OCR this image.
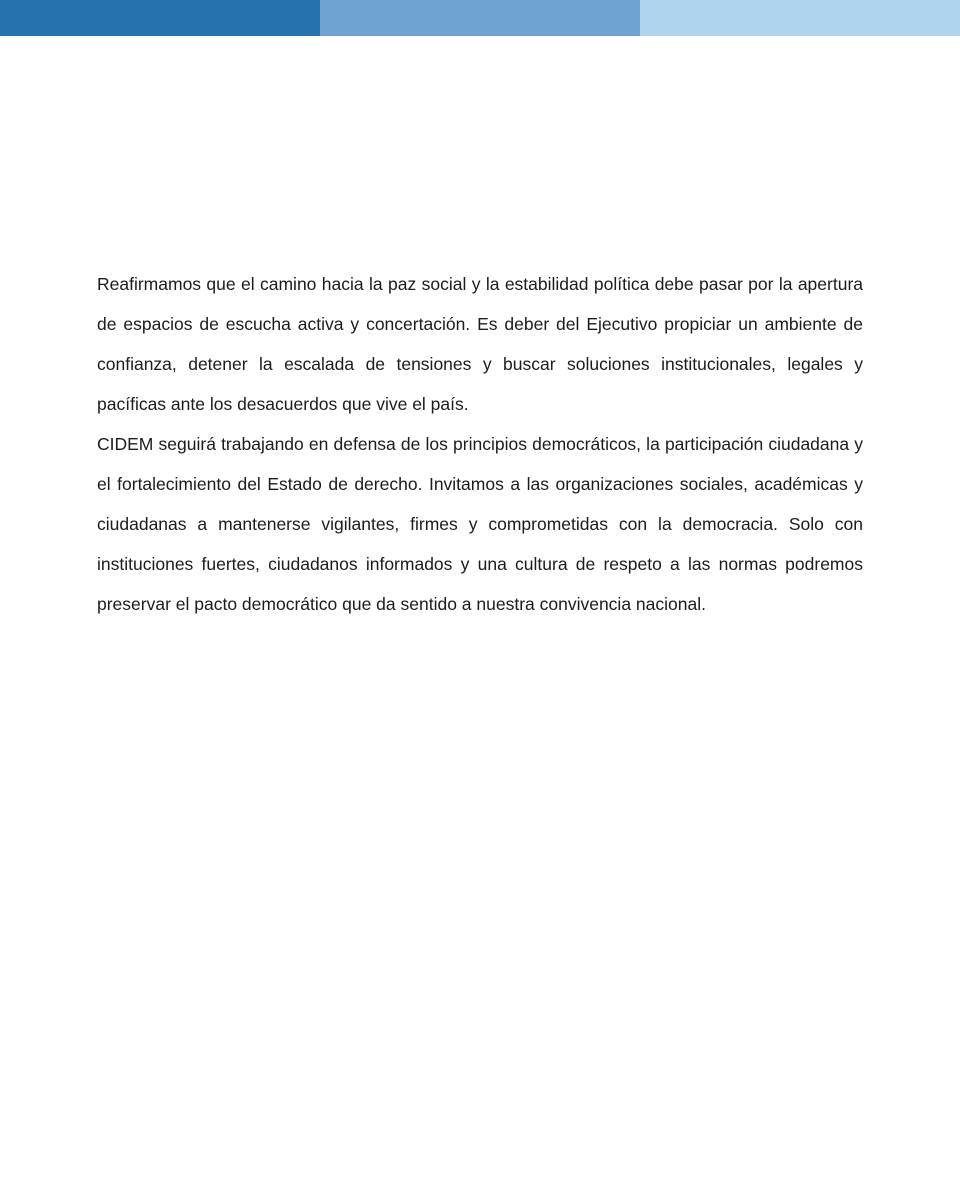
Reafirmamos que el camino hacia la paz social y la estabilidad política debe pasar por la apertura de espacios de escucha activa y concertación. Es deber del Ejecutivo propiciar un ambiente de confianza, detener la escalada de tensiones y buscar soluciones institucionales, legales y pacíficas ante los desacuerdos que vive el país.

CIDEM seguirá trabajando en defensa de los principios democráticos, la participación ciudadana y el fortalecimiento del Estado de derecho. Invitamos a las organizaciones sociales, académicas y ciudadanas a mantenerse vigilantes, firmes y comprometidas con la democracia. Solo con instituciones fuertes, ciudadanos informados y una cultura de respeto a las normas podremos preservar el pacto democrático que da sentido a nuestra convivencia nacional.
